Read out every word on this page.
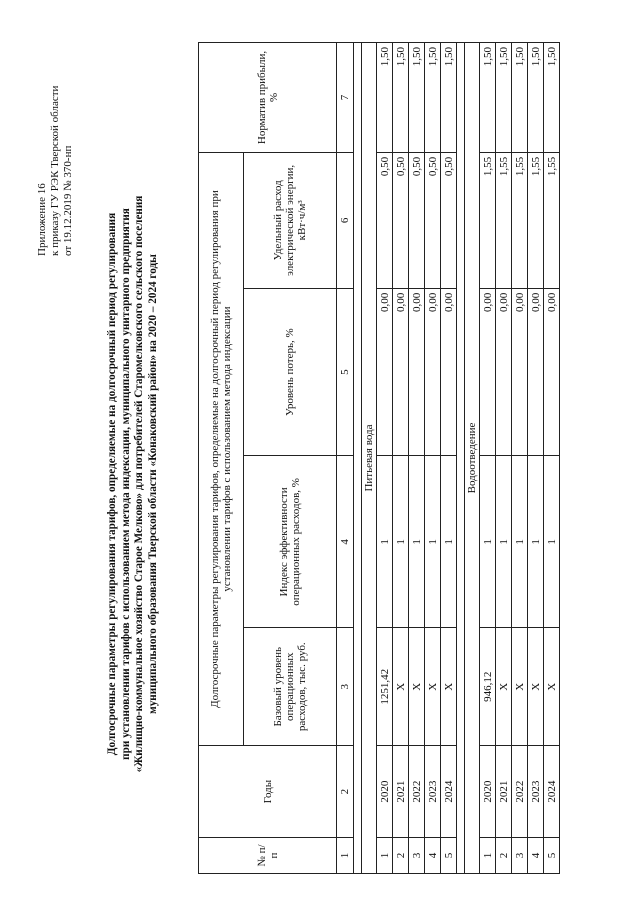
Приложение 16 к приказу ГУ РЭК Тверской области от 19.12.2019 № 370-нп
Долгосрочные параметры регулирования тарифов, определяемые на долгосрочный период регулирования при установлении тарифов с использованием метода индексации, муниципального унитарного предприятия «Жилищно-коммунальное хозяйство Старое Мелково» для потребителей Старомелковского сельского поселения муниципального образования Тверской области «Конаковский район» на 2020 – 2024 годы
№ п/п	Годы	Долгосрочные параметры регулирования тарифов, определяемые на долгосрочный период регулирования при установлении тарифов с использованием метода индексации				Норматив прибыли, %
		Базовый уровень операционных расходов, тыс. руб.	Индекс эффективности операционных расходов, %	Уровень потерь, %	Удельный расход электрической энергии, кВт·ч/м³	
1	2	3	4	5	6	7

Питьевая вода						
1	2020	1251,42	1	0,00	0,50	1,50
2	2021	Х	1	0,00	0,50	1,50
3	2022	Х	1	0,00	0,50	1,50
4	2023	Х	1	0,00	0,50	1,50
5	2024	Х	1	0,00	0,50	1,50

Водоотведение						
1	2020	946,12	1	0,00	1,55	1,50
2	2021	Х	1	0,00	1,55	1,50
3	2022	Х	1	0,00	1,55	1,50
4	2023	Х	1	0,00	1,55	1,50
5	2024	Х	1	0,00	1,55	1,50
